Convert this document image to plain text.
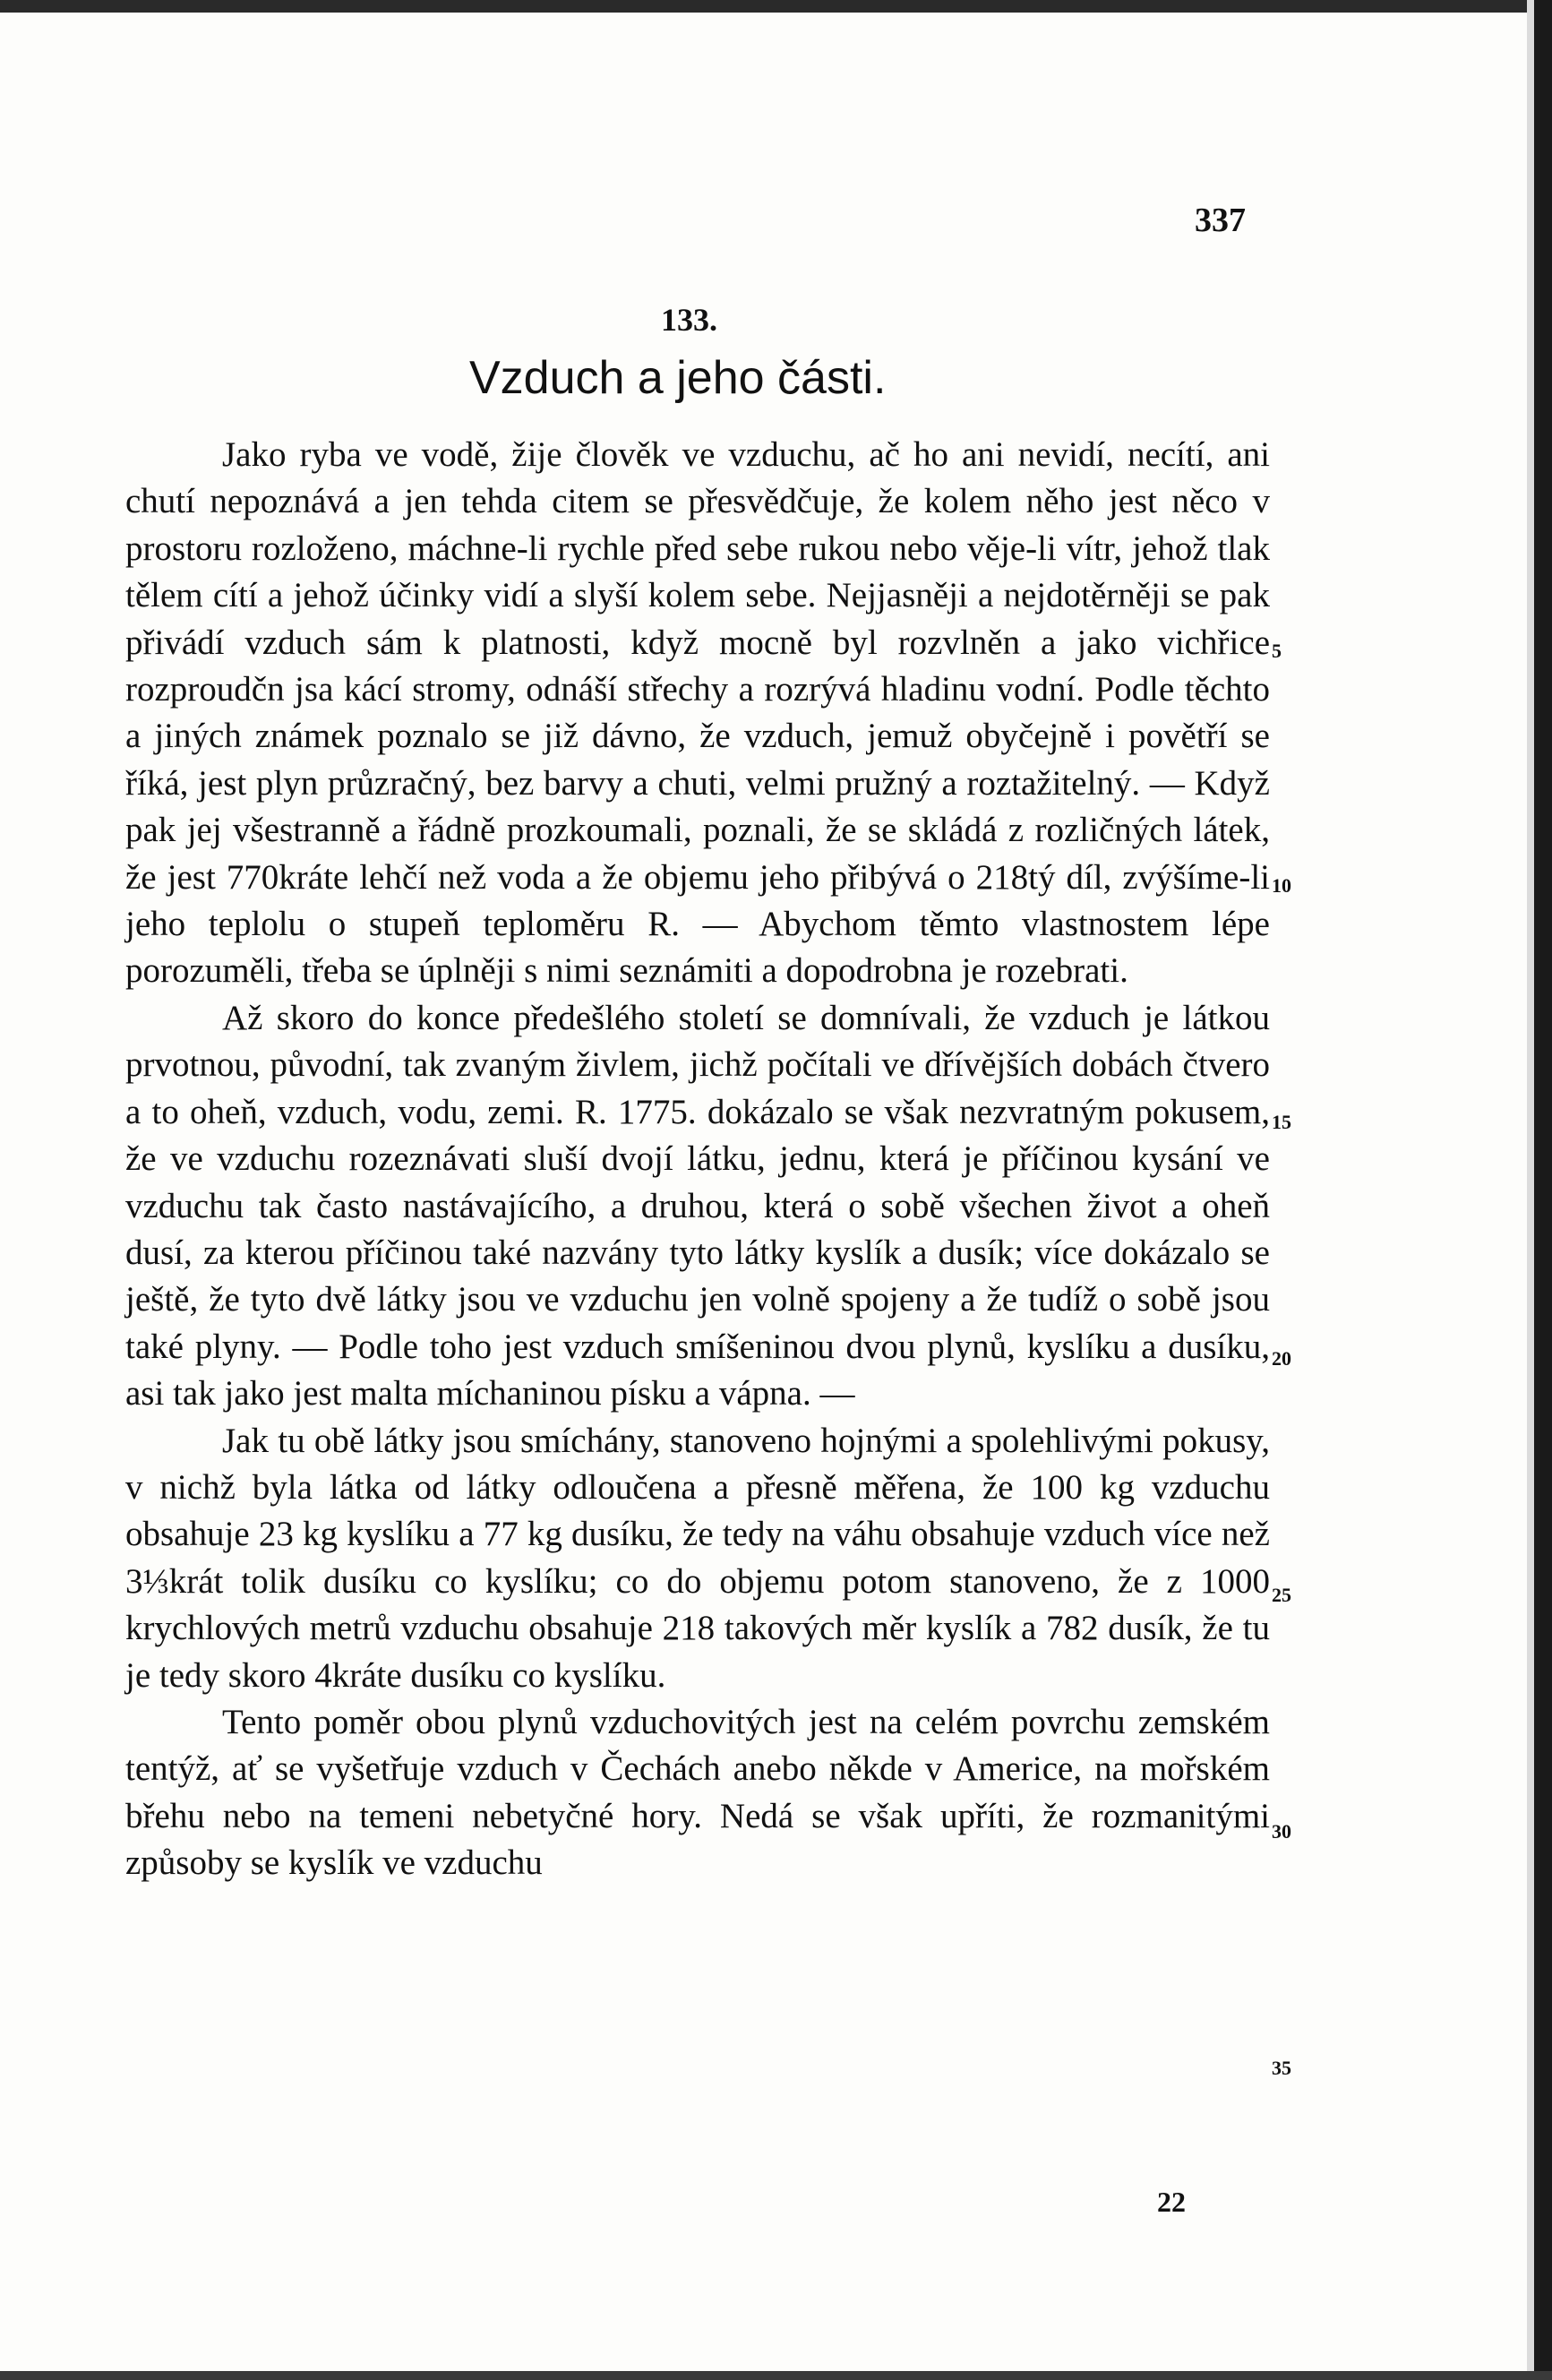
337
133.
Vzduch a jeho části.

Jako ryba ve vodě, žije člověk ve vzduchu, ač ho ani nevidí, necítí, ani chutí nepoznává a jen tehda citem se přesvědčuje, že kolem něho jest něco v prostoru rozloženo, máchne-li rychle před sebe rukou nebo věje-li vítr, jehož tlak tělem cítí a jehož účinky vidí a slyší kolem sebe. Nejjasněji a nejdotěrněji se pak přivádí vzduch sám k platnosti, když mocně byl rozvlněn a jako vichřice rozproudčn jsa kácí stromy, odnáší střechy a rozrývá hladinu vodní. Podle těchto a jiných známek poznalo se již dávno, že vzduch, jemuž obyčejně i povětří se říká, jest plyn průzračný, bez barvy a chuti, velmi pružný a roztažitelný. — Když pak jej všestranně a řádně prozkoumali, poznali, že se skládá z rozličných látek, že jest 770kráte lehčí než voda a že objemu jeho přibývá o 218tý díl, zvýšíme-li jeho teplolu o stupeň teploměru R. — Abychom těmto vlastnostem lépe porozuměli, třeba se úplněji s nimi seznámiti a dopodrobna je rozebrati.

Až skoro do konce předešlého století se domnívali, že vzduch je látkou prvotnou, původní, tak zvaným živlem, jichž počítali ve dřívějších dobách čtvero a to oheň, vzduch, vodu, zemi. R. 1775. dokázalo se však nezvratným pokusem, že ve vzduchu rozeznávati sluší dvojí látku, jednu, která je příčinou kysání ve vzduchu tak často nastávajícího, a druhou, která o sobě všechen život a oheň dusí, za kterou příčinou také nazvány tyto látky kyslík a dusík; více dokázalo se ještě, že tyto dvě látky jsou ve vzduchu jen volně spojeny a že tudíž o sobě jsou také plyny. — Podle toho jest vzduch smíšeninou dvou plynů, kyslíku a dusíku, asi tak jako jest malta míchaninou písku a vápna. —

Jak tu obě látky jsou smíchány, stanoveno hojnými a spolehlivými pokusy, v nichž byla látka od látky odloučena a přesně měřena, že 100 kg vzduchu obsahuje 23 kg kyslíku a 77 kg dusíku, že tedy na váhu obsahuje vzduch více než 3⅓krát tolik dusíku co kyslíku; co do objemu potom stanoveno, že z 1000 krychlových metrů vzduchu obsahuje 218 takových měr kyslík a 782 dusík, že tu je tedy skoro 4kráte dusíku co kyslíku.

Tento poměr obou plynů vzduchovitých jest na celém povrchu zemském tentýž, ať se vyšetřuje vzduch v Čechách anebo někde v Americe, na mořském břehu nebo na temeni nebetyčné hory. Nedá se však upříti, že rozmanitými způsoby se kyslík ve vzduchu

5
10
15
20
25
30
35
22
